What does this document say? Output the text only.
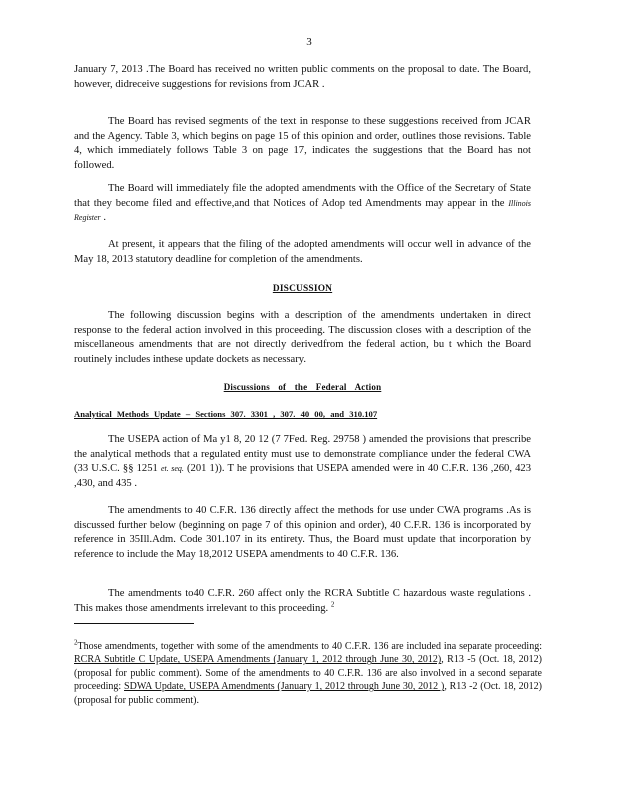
3

January 7, 2013 .The Board has received no written public comments on the proposal to date. The Board, however, didreceive suggestions for revisions from JCAR .

The Board has revised segments of the text in response to these suggestions received from JCAR and the Agency. Table 3, which begins on page 15 of this opinion and order, outlines those revisions. Table 4, which immediately follows Table 3 on page 17, indicates the suggestions that the Board has not followed.

The Board will immediately file the adopted amendments with the Office of the Secretary of State that they become filed and effective,and that Notices of Adop ted Amendments may appear in the Illinois Register .

At present, it appears that the filing of the adopted amendments will occur well in advance of the May 18, 2013 statutory deadline for completion of the amendments.

DISCUSSION

The following discussion begins with a description of the amendments undertaken in direct response to the federal action involved in this proceeding. The discussion closes with a description of the miscellaneous amendments that are not directly derivedfrom the federal action, bu t which the Board routinely includes inthese update dockets as necessary.

Discussions of the Federal Action
Analytical Methods Update – Sections 307. 3301 , 307. 40 00, and 310.107

The USEPA action of Ma y1 8, 20 12 (7 7Fed. Reg. 29758 ) amended the provisions that prescribe the analytical methods that a regulated entity must use to demonstrate compliance under the federal CWA (33 U.S.C. §§ 1251 et. seq. (201 1)). T he provisions that USEPA amended were in 40 C.F.R. 136 ,260, 423 ,430, and 435 .

The amendments to 40 C.F.R. 136 directly affect the methods for use under CWA programs .As is discussed further below (beginning on page 7 of this opinion and order), 40 C.F.R. 136 is incorporated by reference in 35Ill.Adm. Code 301.107 in its entirety. Thus, the Board must update that incorporation by reference to include the May 18,2012 USEPA amendments to 40 C.F.R. 136.

The amendments to40 C.F.R. 260 affect only the RCRA Subtitle C hazardous waste regulations . This makes those amendments irrelevant to this proceeding. $^2$

$^2$Those amendments, together with some of the amendments to 40 C.F.R. 136 are included ina separate proceeding: RCRA Subtitle C Update, USEPA Amendments (January 1, 2012 through June 30, 2012), R13 -5 (Oct. 18, 2012) (proposal for public comment). Some of the amendments to 40 C.F.R. 136 are also involved in a second separate proceeding: SDWA Update, USEPA Amendments (January 1, 2012 through June 30, 2012 ), R13 -2 (Oct. 18, 2012) (proposal for public comment).
